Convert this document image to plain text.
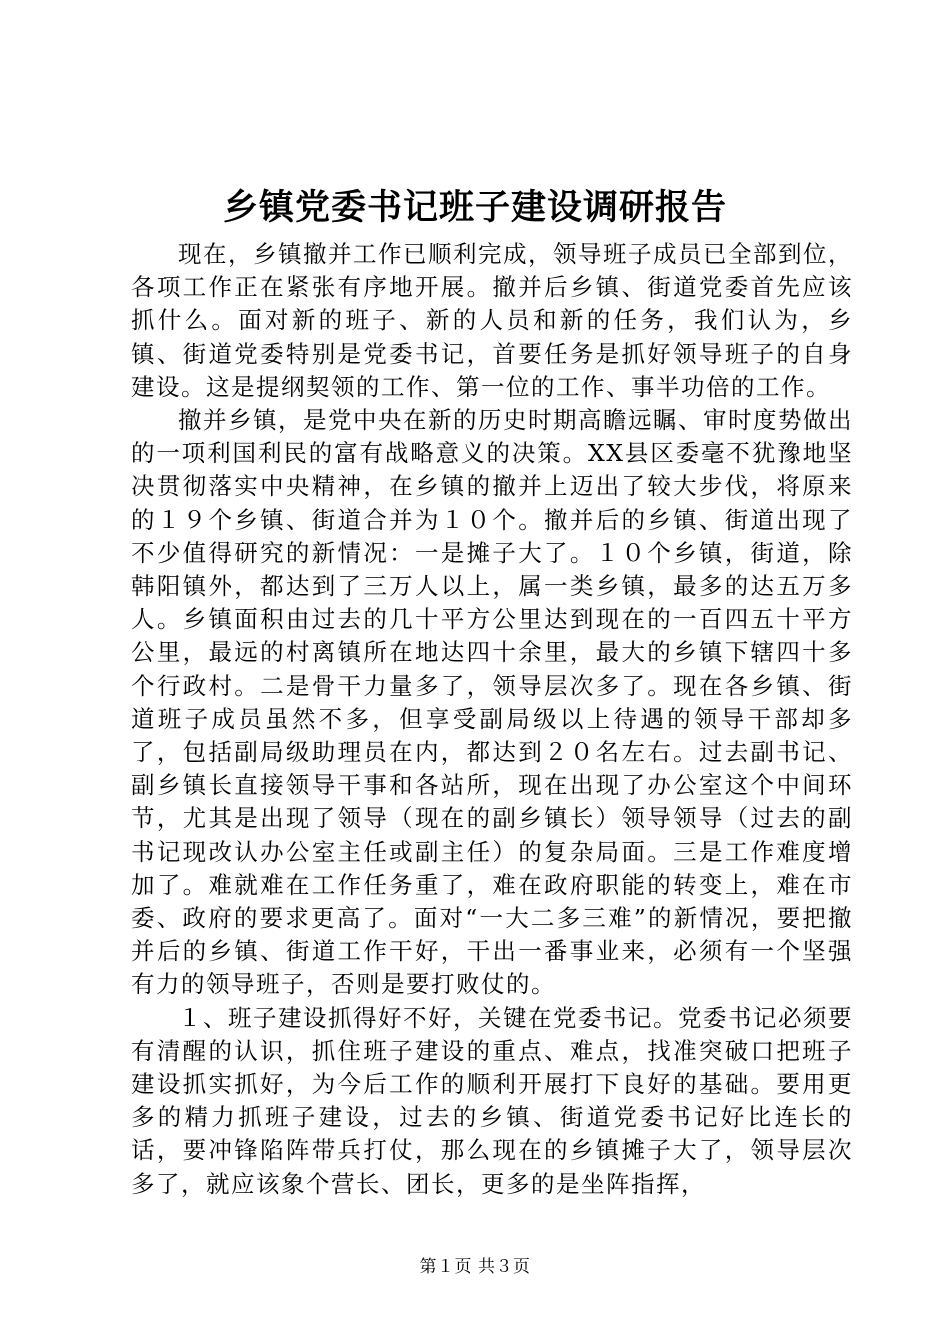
乡镇党委书记班子建设调研报告

现在，乡镇撤并工作已顺利完成，领导班子成员已全部到位，各项工作正在紧张有序地开展。撤并后乡镇、街道党委首先应该抓什么。面对新的班子、新的人员和新的任务，我们认为，乡镇、街道党委特别是党委书记，首要任务是抓好领导班子的自身建设。这是提纲契领的工作、第一位的工作、事半功倍的工作。

撤并乡镇，是党中央在新的历史时期高瞻远瞩、审时度势做出的一项利国利民的富有战略意义的决策。XX县区委毫不犹豫地坚决贯彻落实中央精神，在乡镇的撤并上迈出了较大步伐，将原来的１９个乡镇、街道合并为１０个。撤并后的乡镇、街道出现了不少值得研究的新情况：一是摊子大了。１０个乡镇，街道，除韩阳镇外，都达到了三万人以上，属一类乡镇，最多的达五万多人。乡镇面积由过去的几十平方公里达到现在的一百四五十平方公里，最远的村离镇所在地达四十余里，最大的乡镇下辖四十多个行政村。二是骨干力量多了，领导层次多了。现在各乡镇、街道班子成员虽然不多，但享受副局级以上待遇的领导干部却多了，包括副局级助理员在内，都达到２０名左右。过去副书记、副乡镇长直接领导干事和各站所，现在出现了办公室这个中间环节，尤其是出现了领导（现在的副乡镇长）领导领导（过去的副书记现改认办公室主任或副主任）的复杂局面。三是工作难度增加了。难就难在工作任务重了，难在政府职能的转变上，难在市委、政府的要求更高了。面对“一大二多三难”的新情况，要把撤并后的乡镇、街道工作干好，干出一番事业来，必须有一个坚强有力的领导班子，否则是要打败仗的。

１、班子建设抓得好不好，关键在党委书记。党委书记必须要有清醒的认识，抓住班子建设的重点、难点，找准突破口把班子建设抓实抓好，为今后工作的顺利开展打下良好的基础。要用更多的精力抓班子建设，过去的乡镇、街道党委书记好比连长的话，要冲锋陷阵带兵打仗，那么现在的乡镇摊子大了，领导层次多了，就应该象个营长、团长，更多的是坐阵指挥，

第１页 共３页
